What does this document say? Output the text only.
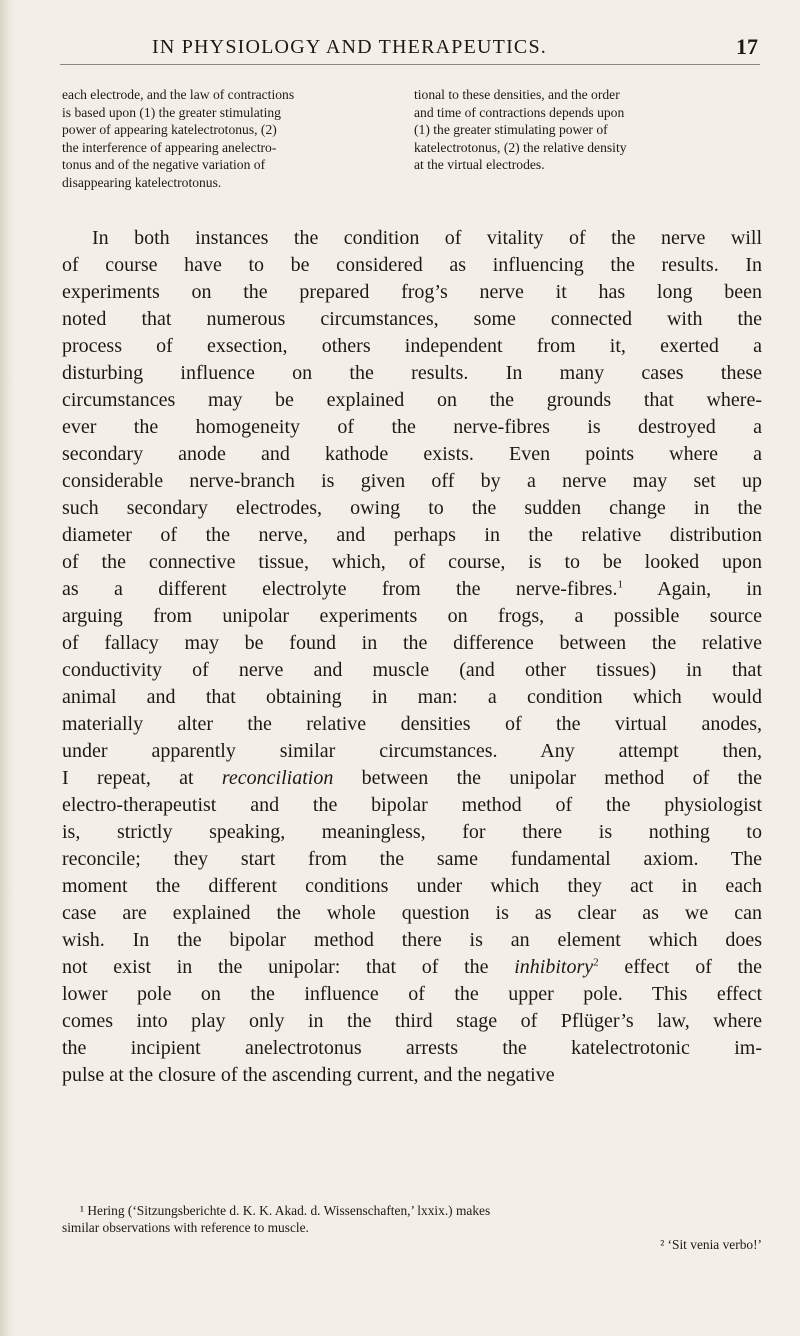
IN PHYSIOLOGY AND THERAPEUTICS.	17
each electrode, and the law of contractions
is based upon (1) the greater stimulating
power of appearing katelectrotonus, (2)
the interference of appearing anelectro-
tonus and of the negative variation of
disappearing katelectrotonus.
tional to these densities, and the order
and time of contractions depends upon
(1) the greater stimulating power of
katelectrotonus, (2) the relative density
at the virtual electrodes.
In both instances the condition of vitality of the nerve will
of course have to be considered as influencing the results. In
experiments on the prepared frog’s nerve it has long been
noted that numerous circumstances, some connected with the
process of exsection, others independent from it, exerted a
disturbing influence on the results. In many cases these
circumstances may be explained on the grounds that where-
ever the homogeneity of the nerve-fibres is destroyed a
secondary anode and kathode exists. Even points where a
considerable nerve-branch is given off by a nerve may set up
such secondary electrodes, owing to the sudden change in the
diameter of the nerve, and perhaps in the relative distribution
of the connective tissue, which, of course, is to be looked upon
as a different electrolyte from the nerve-fibres.$^1$ Again, in
arguing from unipolar experiments on frogs, a possible source
of fallacy may be found in the difference between the relative
conductivity of nerve and muscle (and other tissues) in that
animal and that obtaining in man: a condition which would
materially alter the relative densities of the virtual anodes,
under apparently similar circumstances. Any attempt then,
I repeat, at reconciliation between the unipolar method of the
electro-therapeutist and the bipolar method of the physiologist
is, strictly speaking, meaningless, for there is nothing to
reconcile; they start from the same fundamental axiom. The
moment the different conditions under which they act in each
case are explained the whole question is as clear as we can
wish. In the bipolar method there is an element which does
not exist in the unipolar: that of the inhibitory$^2$ effect of the
lower pole on the influence of the upper pole. This effect
comes into play only in the third stage of Pflüger’s law, where
the incipient anelectrotonus arrests the katelectrotonic im-
pulse at the closure of the ascending current, and the negative
¹ Hering (‘Sitzungsberichte d. K. K. Akad. d. Wissenschaften,’ lxxix.) makes
similar observations with reference to muscle.
² ‘Sit venia verbo!’
